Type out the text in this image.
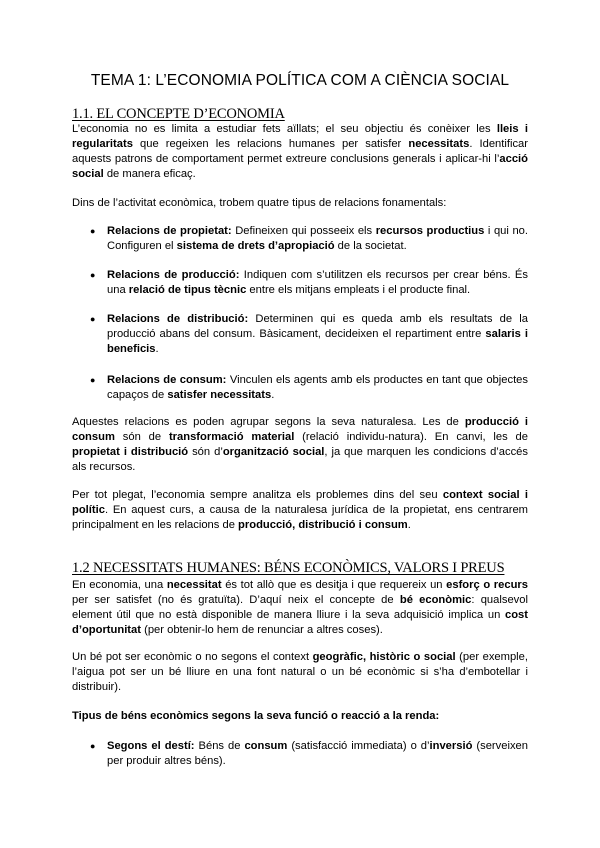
TEMA 1: L’ECONOMIA POLÍTICA COM A CIÈNCIA SOCIAL
1.1. EL CONCEPTE D’ECONOMIA

L’economia no es limita a estudiar fets aïllats; el seu objectiu és conèixer les lleis i regularitats que regeixen les relacions humanes per satisfer necessitats. Identificar aquests patrons de comportament permet extreure conclusions generals i aplicar-hi l’acció social de manera eficaç.

Dins de l’activitat econòmica, trobem quatre tipus de relacions fonamentals:

● Relacions de propietat: Defineixen qui posseeix els recursos productius i qui no. Configuren el sistema de drets d’apropiació de la societat.

● Relacions de producció: Indiquen com s’utilitzen els recursos per crear béns. És una relació de tipus tècnic entre els mitjans empleats i el producte final.

● Relacions de distribució: Determinen qui es queda amb els resultats de la producció abans del consum. Bàsicament, decideixen el repartiment entre salaris i beneficis.

● Relacions de consum: Vinculen els agents amb els productes en tant que objectes capaços de satisfer necessitats.

Aquestes relacions es poden agrupar segons la seva naturalesa. Les de producció i consum són de transformació material (relació individu-natura). En canvi, les de propietat i distribució són d’organització social, ja que marquen les condicions d’accés als recursos.

Per tot plegat, l’economia sempre analitza els problemes dins del seu context social i polític. En aquest curs, a causa de la naturalesa jurídica de la propietat, ens centrarem principalment en les relacions de producció, distribució i consum.

1.2 NECESSITATS HUMANES: BÉNS ECONÒMICS, VALORS I PREUS

En economia, una necessitat és tot allò que es desitja i que requereix un esforç o recurs per ser satisfet (no és gratuïta). D’aquí neix el concepte de bé econòmic: qualsevol element útil que no està disponible de manera lliure i la seva adquisició implica un cost d’oportunitat (per obtenir-lo hem de renunciar a altres coses).

Un bé pot ser econòmic o no segons el context geogràfic, històric o social (per exemple, l’aigua pot ser un bé lliure en una font natural o un bé econòmic si s’ha d’embotellar i distribuir).

Tipus de béns econòmics segons la seva funció o reacció a la renda:

● Segons el destí: Béns de consum (satisfacció immediata) o d’inversió (serveixen per produir altres béns).
